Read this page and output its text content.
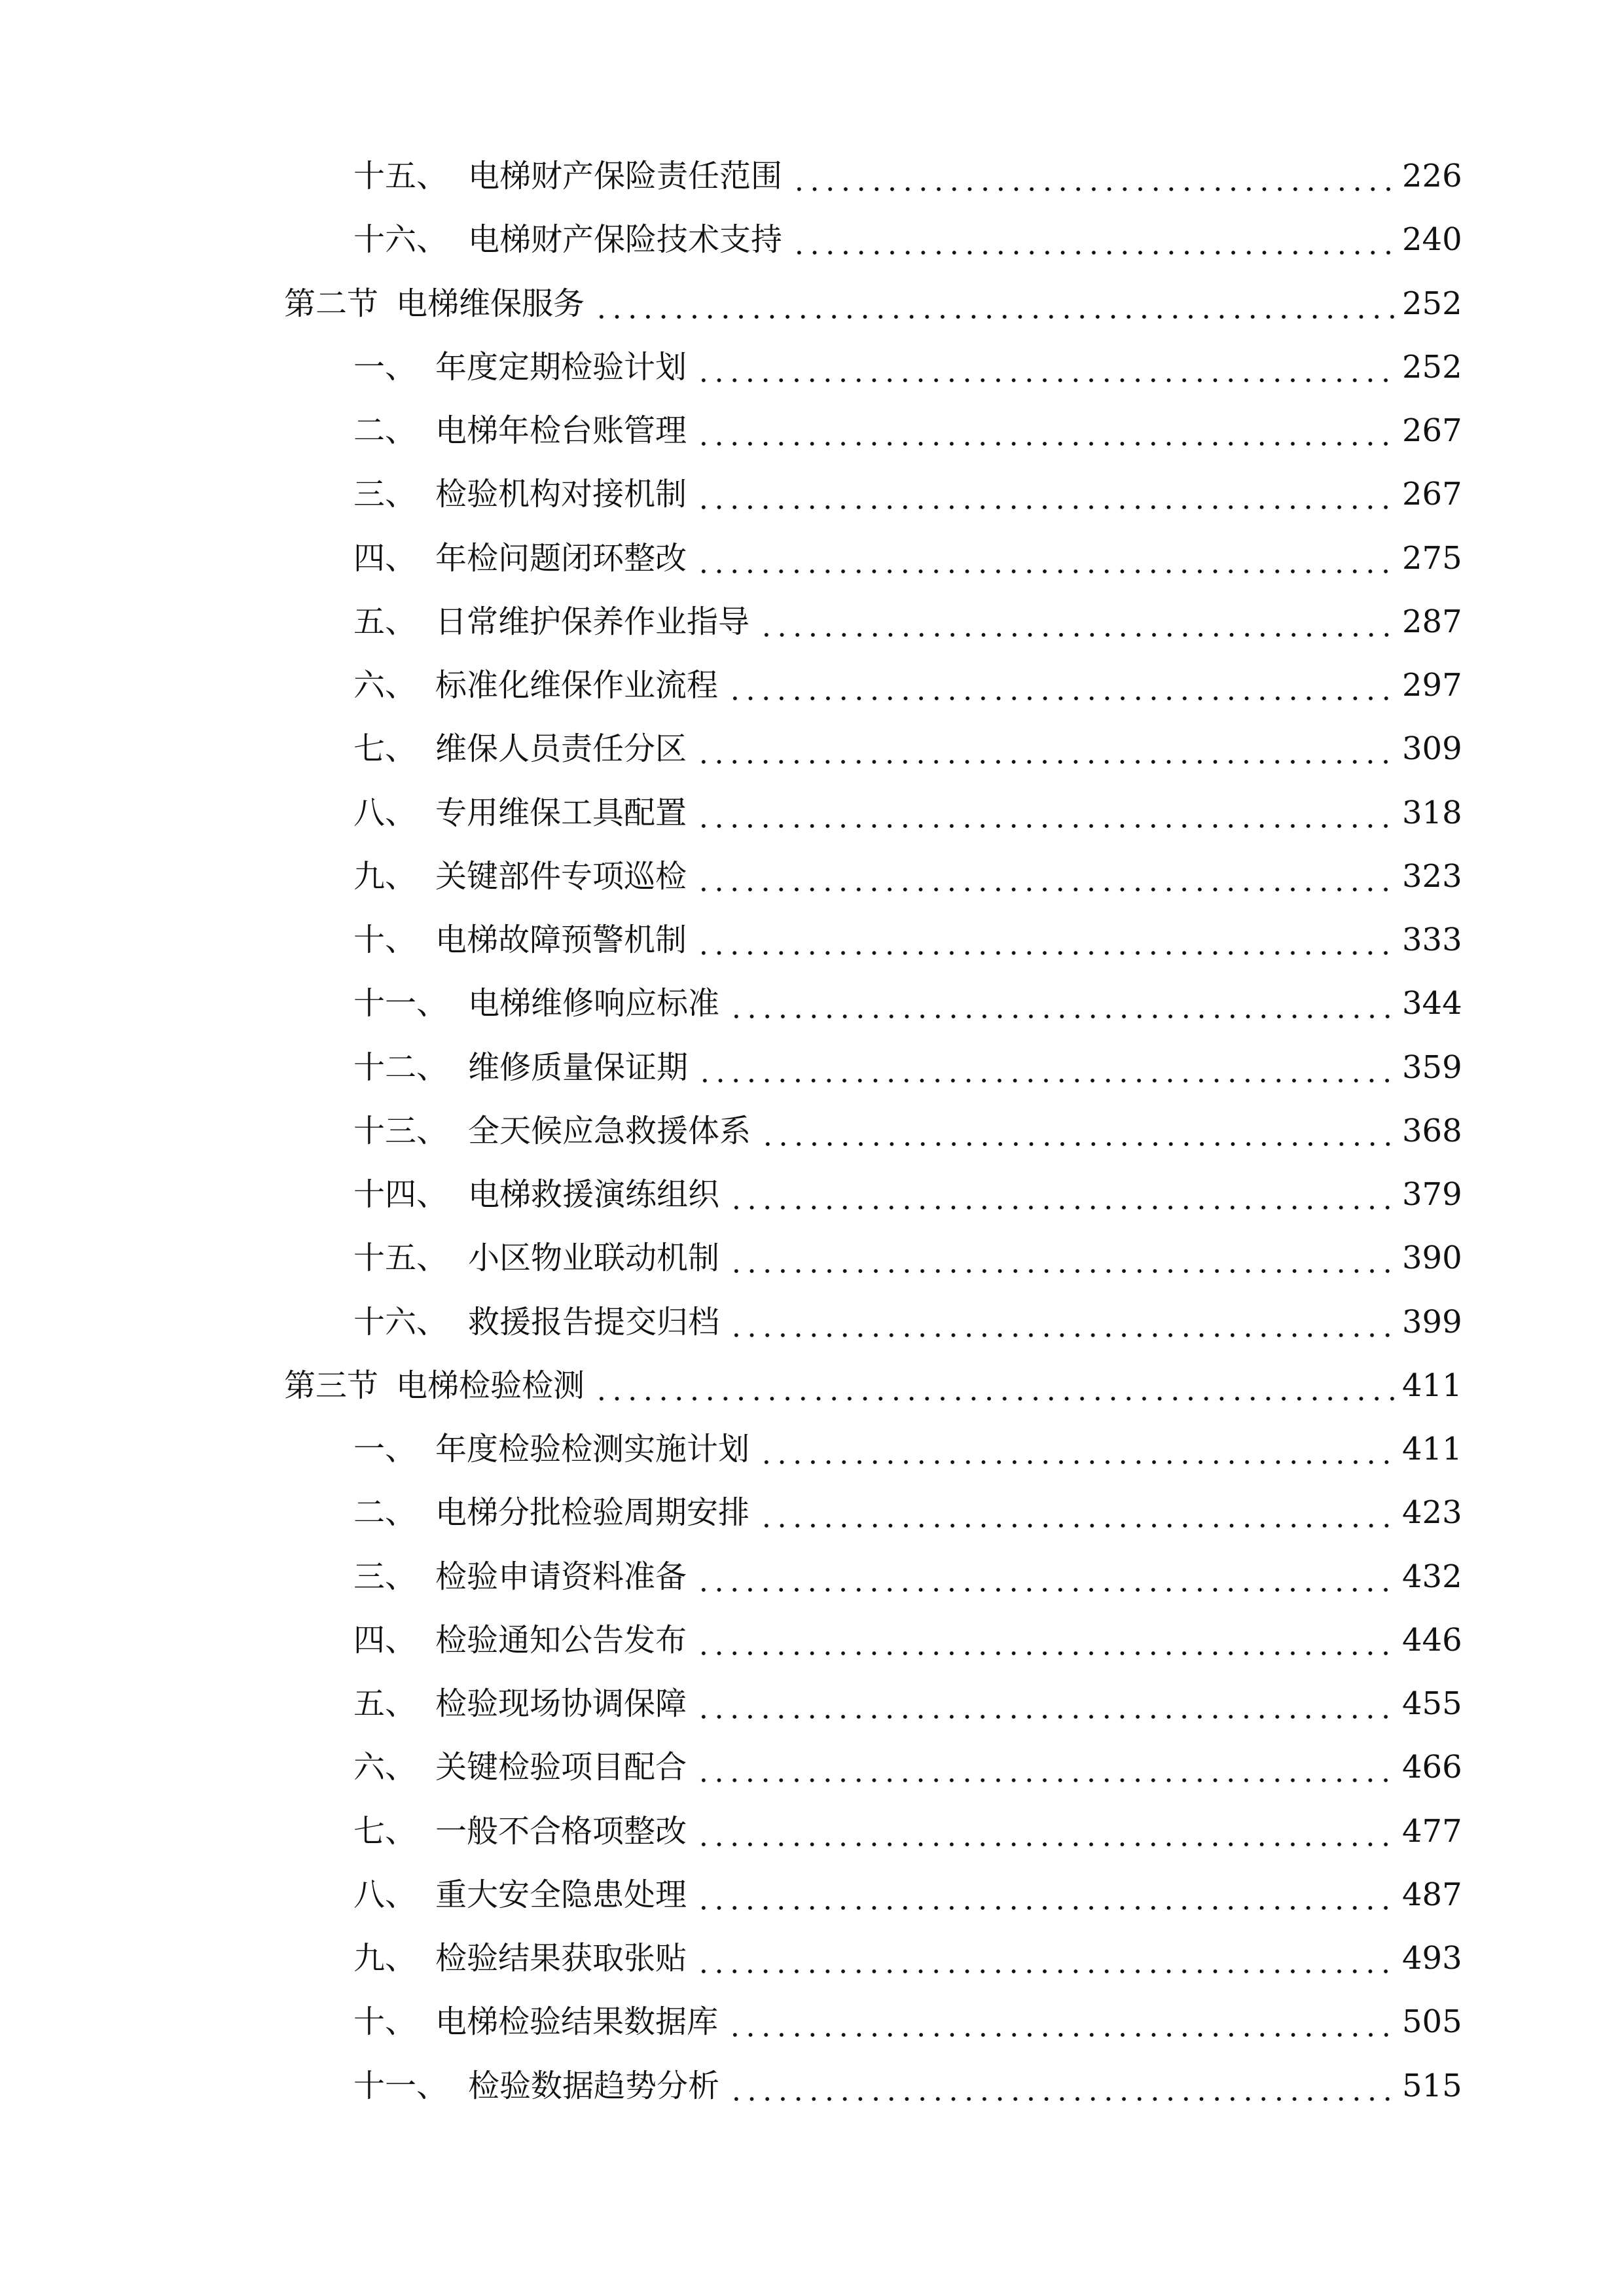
十五、 电梯财产保险责任范围	226
十六、 电梯财产保险技术支持	240
第二节 电梯维保服务	252
一、 年度定期检验计划	252
二、 电梯年检台账管理	267
三、 检验机构对接机制	267
四、 年检问题闭环整改	275
五、 日常维护保养作业指导	287
六、 标准化维保作业流程	297
七、 维保人员责任分区	309
八、 专用维保工具配置	318
九、 关键部件专项巡检	323
十、 电梯故障预警机制	333
十一、 电梯维修响应标准	344
十二、 维修质量保证期	359
十三、 全天候应急救援体系	368
十四、 电梯救援演练组织	379
十五、 小区物业联动机制	390
十六、 救援报告提交归档	399
第三节 电梯检验检测	411
一、 年度检验检测实施计划	411
二、 电梯分批检验周期安排	423
三、 检验申请资料准备	432
四、 检验通知公告发布	446
五、 检验现场协调保障	455
六、 关键检验项目配合	466
七、 一般不合格项整改	477
八、 重大安全隐患处理	487
九、 检验结果获取张贴	493
十、 电梯检验结果数据库	505
十一、 检验数据趋势分析	515
